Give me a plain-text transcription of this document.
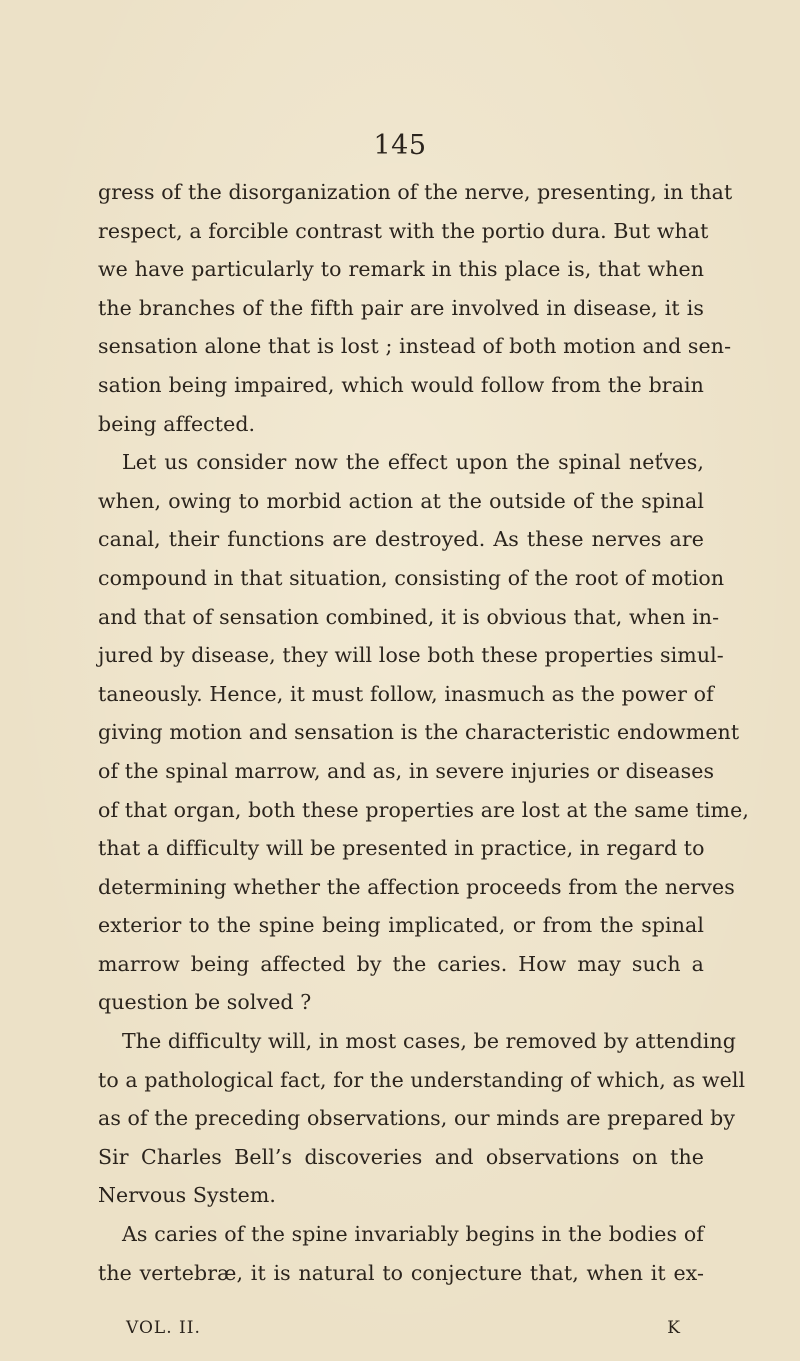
145
gress of the disorganization of the nerve, presenting, in that
respect, a forcible contrast with the portio dura. But what
we have particularly to remark in this place is, that when
the branches of the fifth pair are involved in disease, it is
sensation alone that is lost ; instead of both motion and sen-
sation being impaired, which would follow from the brain
being affected.
Let us consider now the effect upon the spinal neťves,
when, owing to morbid action at the outside of the spinal
canal, their functions are destroyed. As these nerves are
compound in that situation, consisting of the root of motion
and that of sensation combined, it is obvious that, when in-
jured by disease, they will lose both these properties simul-
taneously. Hence, it must follow, inasmuch as the power of
giving motion and sensation is the characteristic endowment
of the spinal marrow, and as, in severe injuries or diseases
of that organ, both these properties are lost at the same time,
that a difficulty will be presented in practice, in regard to
determining whether the affection proceeds from the nerves
exterior to the spine being implicated, or from the spinal
marrow being affected by the caries. How may such a
question be solved ?
The difficulty will, in most cases, be removed by attending
to a pathological fact, for the understanding of which, as well
as of the preceding observations, our minds are prepared by
Sir Charles Bell’s discoveries and observations on the
Nervous System.
As caries of the spine invariably begins in the bodies of
the vertebræ, it is natural to conjecture that, when it ex-
VOL. II.	K
